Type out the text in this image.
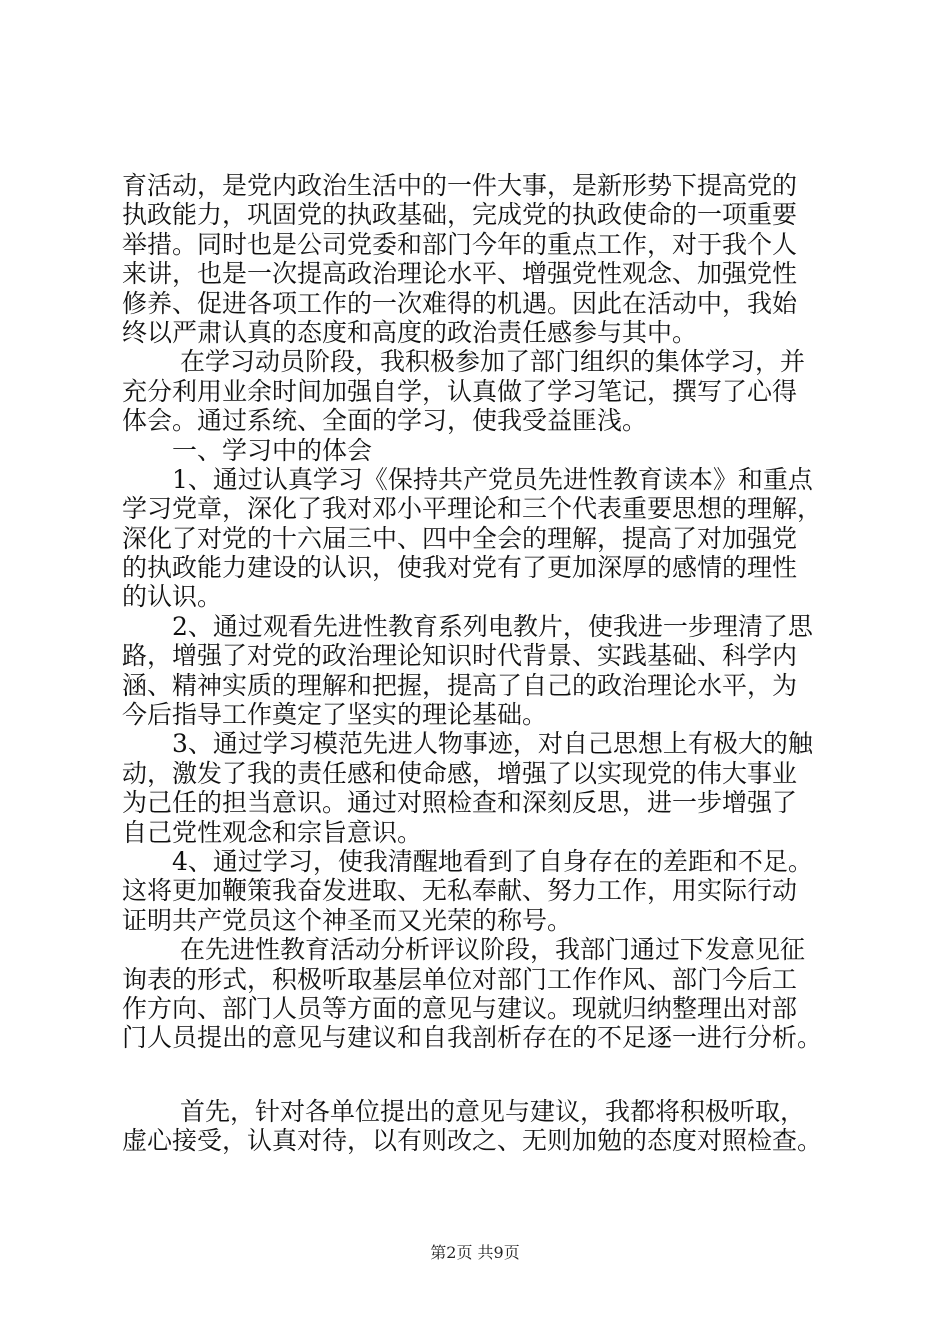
育活动，是党内政治生活中的一件大事，是新形势下提高党的
执政能力，巩固党的执政基础，完成党的执政使命的一项重要
举措。同时也是公司党委和部门今年的重点工作，对于我个人
来讲，也是一次提高政治理论水平、增强党性观念、加强党性
修养、促进各项工作的一次难得的机遇。因此在活动中，我始
终以严肃认真的态度和高度的政治责任感参与其中。
在学习动员阶段，我积极参加了部门组织的集体学习，并
充分利用业余时间加强自学，认真做了学习笔记，撰写了心得
体会。通过系统、全面的学习，使我受益匪浅。
一、学习中的体会
1、通过认真学习《保持共产党员先进性教育读本》和重点
学习党章，深化了我对邓小平理论和三个代表重要思想的理解，
深化了对党的十六届三中、四中全会的理解，提高了对加强党
的执政能力建设的认识，使我对党有了更加深厚的感情的理性
的认识。
2、通过观看先进性教育系列电教片，使我进一步理清了思
路，增强了对党的政治理论知识时代背景、实践基础、科学内
涵、精神实质的理解和把握，提高了自己的政治理论水平，为
今后指导工作奠定了坚实的理论基础。
3、通过学习模范先进人物事迹，对自己思想上有极大的触
动，激发了我的责任感和使命感，增强了以实现党的伟大事业
为己任的担当意识。通过对照检查和深刻反思，进一步增强了
自己党性观念和宗旨意识。
4、通过学习，使我清醒地看到了自身存在的差距和不足。
这将更加鞭策我奋发进取、无私奉献、努力工作，用实际行动
证明共产党员这个神圣而又光荣的称号。
在先进性教育活动分析评议阶段，我部门通过下发意见征
询表的形式，积极听取基层单位对部门工作作风、部门今后工
作方向、部门人员等方面的意见与建议。现就归纳整理出对部
门人员提出的意见与建议和自我剖析存在的不足逐一进行分析。
首先，针对各单位提出的意见与建议，我都将积极听取，
虚心接受，认真对待，以有则改之、无则加勉的态度对照检查。
第2页 共9页
